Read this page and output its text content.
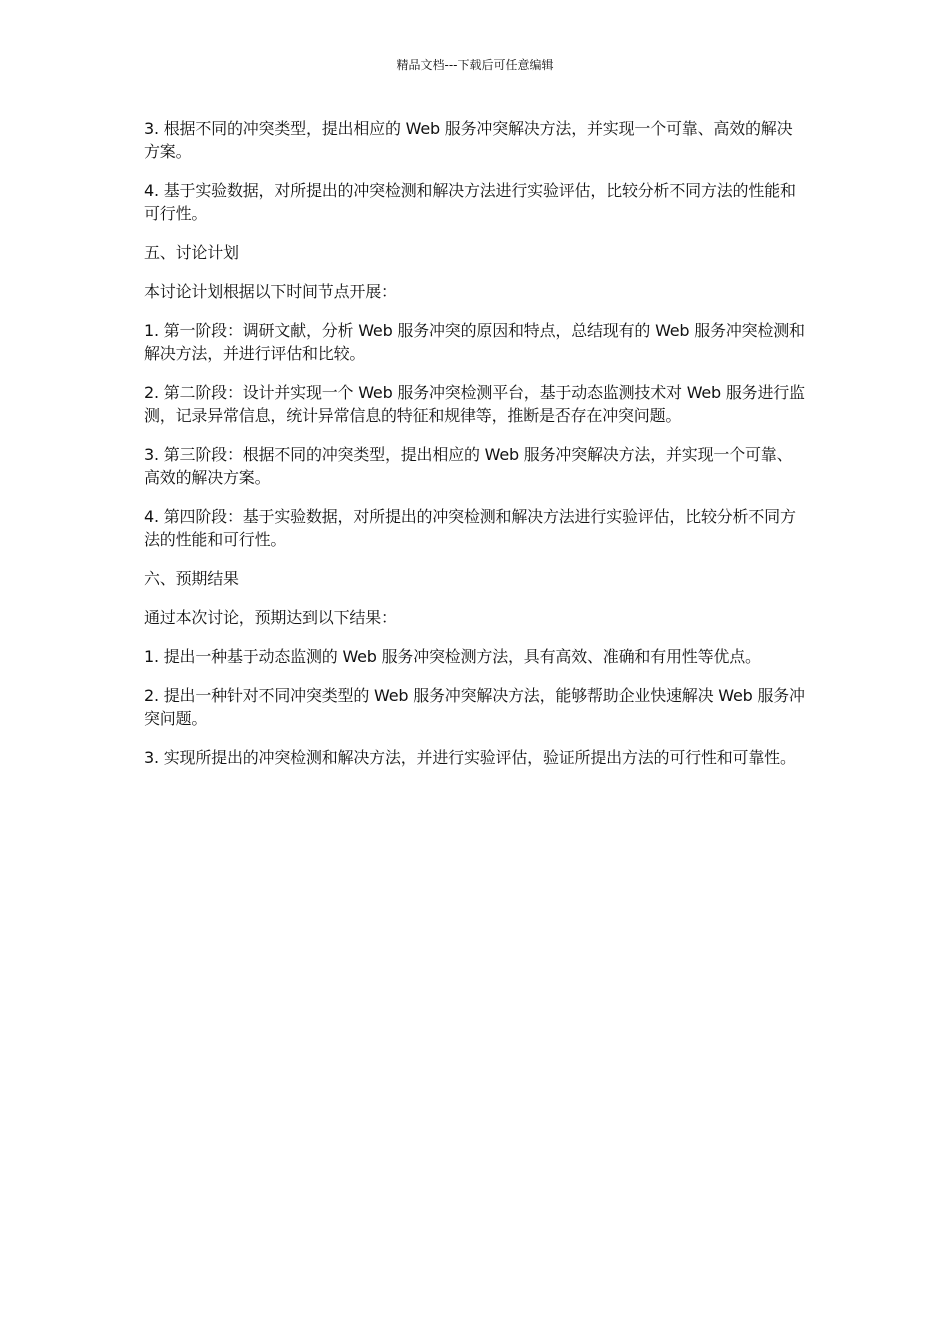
精品文档---下载后可任意编辑

3. 根据不同的冲突类型，提出相应的 Web 服务冲突解决方法，并实现一个可靠、高效的解决方案。

4. 基于实验数据，对所提出的冲突检测和解决方法进行实验评估，比较分析不同方法的性能和可行性。

五、讨论计划

本讨论计划根据以下时间节点开展：

1. 第一阶段：调研文献，分析 Web 服务冲突的原因和特点，总结现有的 Web 服务冲突检测和解决方法，并进行评估和比较。

2. 第二阶段：设计并实现一个 Web 服务冲突检测平台，基于动态监测技术对 Web 服务进行监测，记录异常信息，统计异常信息的特征和规律等，推断是否存在冲突问题。

3. 第三阶段：根据不同的冲突类型，提出相应的 Web 服务冲突解决方法，并实现一个可靠、高效的解决方案。

4. 第四阶段：基于实验数据，对所提出的冲突检测和解决方法进行实验评估，比较分析不同方法的性能和可行性。

六、预期结果

通过本次讨论，预期达到以下结果：

1. 提出一种基于动态监测的 Web 服务冲突检测方法，具有高效、准确和有用性等优点。

2. 提出一种针对不同冲突类型的 Web 服务冲突解决方法，能够帮助企业快速解决 Web 服务冲突问题。

3. 实现所提出的冲突检测和解决方法，并进行实验评估，验证所提出方法的可行性和可靠性。
